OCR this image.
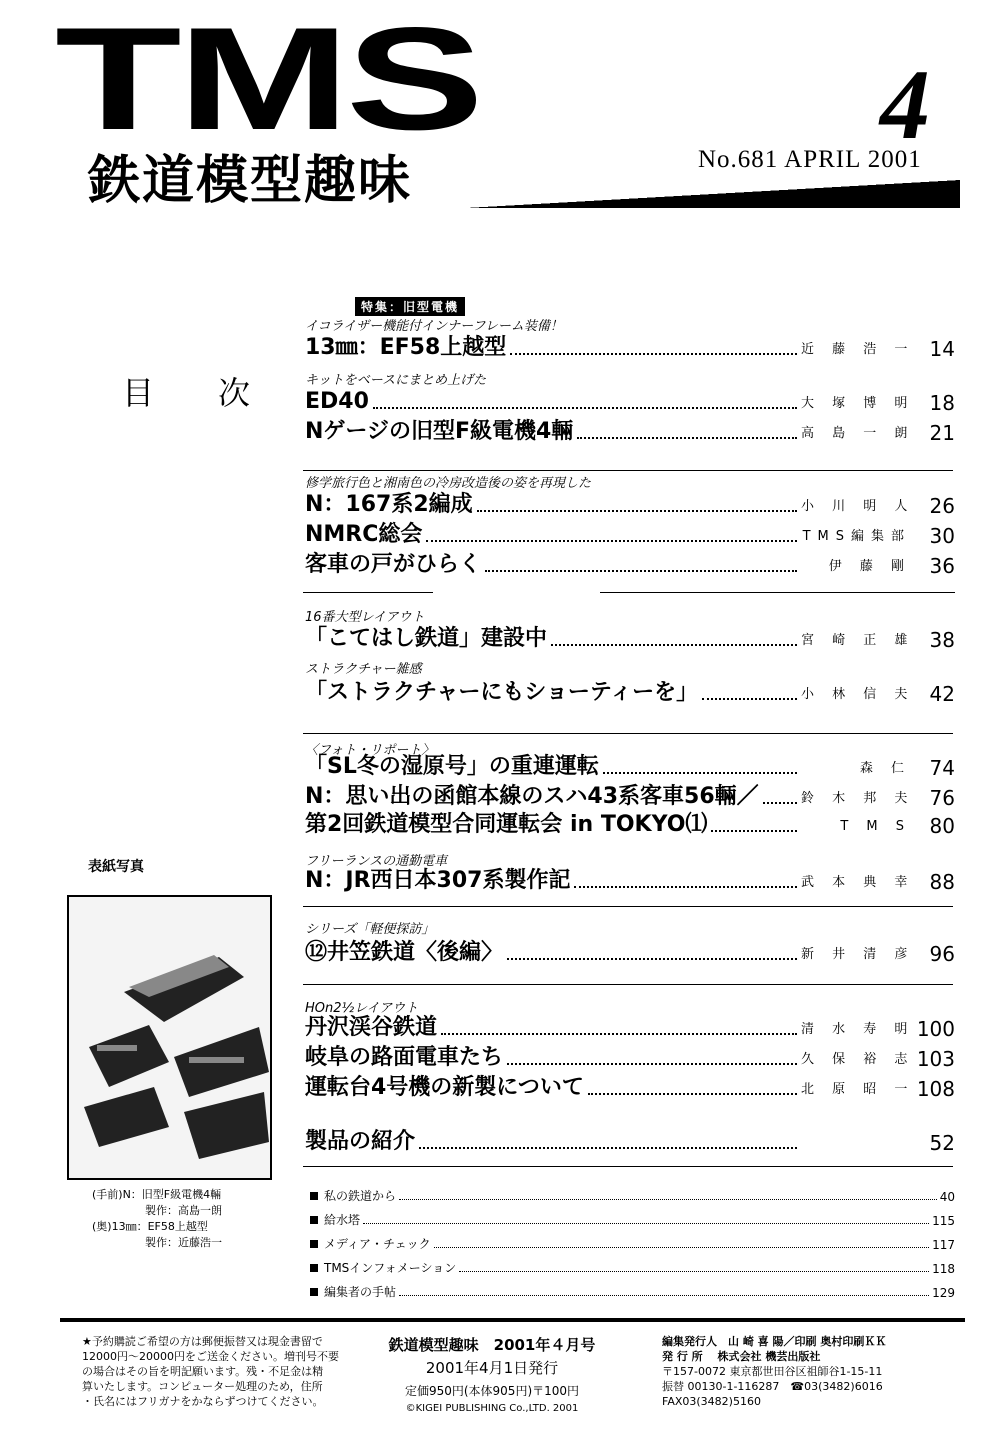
TMS
鉄道模型趣味
4
No.681 APRIL 2001
目 次
特集：旧型電機
イコライザー機能付インナーフレーム装備！
13㎜：EF58上越型	近 藤 浩 一 14
キットをベースにまとめ上げた
ED40	大 塚 博 明 18
Nゲージの旧型F級電機4輛	高 島 一 朗 21
修学旅行色と湘南色の冷房改造後の姿を再現した
N：167系2編成	小 川 明 人 26
NMRC総会	TMS編集部 30
客車の戸がひらく	伊 藤 剛 36
16番大型レイアウト
「こてはし鉄道」建設中	宮 崎 正 雄 38
ストラクチャー雑感
「ストラクチャーにもショーティーを」	小 林 信 夫 42
〈フォト・リポート〉
「SL冬の湿原号」の重連運転	森 仁 74
N：思い出の函館本線のスハ43系客車56輛／	鈴 木 邦 夫 76
第2回鉄道模型合同運転会 in TOKYO⑴	T M S 80
フリーランスの通勤電車
N：JR西日本307系製作記	武 本 典 幸 88
シリーズ「軽便探訪」
⑫井笠鉄道〈後編〉	新 井 清 彦 96
HOn2½レイアウト
丹沢渓谷鉄道	清 水 寿 明 100
岐阜の路面電車たち	久 保 裕 志 103
運転台4号機の新製について	北 原 昭 一 108
製品の紹介	52
私の鉄道から	40
給水塔	115
メディア・チェック	117
TMSインフォメーション	118
編集者の手帖	129
表紙写真
(手前)N：旧型F級電機4輛
製作：高島一朗
(奥)13㎜：EF58上越型
製作：近藤浩一
★予約購読ご希望の方は郵便振替又は現金書留で
12000円〜20000円をご送金ください。増刊号不要
の場合はその旨を明記願います。残・不足金は精
算いたします。コンピューター処理のため，住所
・氏名にはフリガナをかならずつけてください。
鉄道模型趣味　2001年４月号
2001年4月1日発行
定価950円(本体905円)〒100円
©KIGEI PUBLISHING Co.,LTD. 2001
編集発行人　山 崎 喜 陽／印刷 奥村印刷ＫＫ
発 行 所　 株式会社 機芸出版社
〒157-0072 東京都世田谷区祖師谷1-15-11
振替 00130-1-116287　☎03(3482)6016
FAX03(3482)5160
